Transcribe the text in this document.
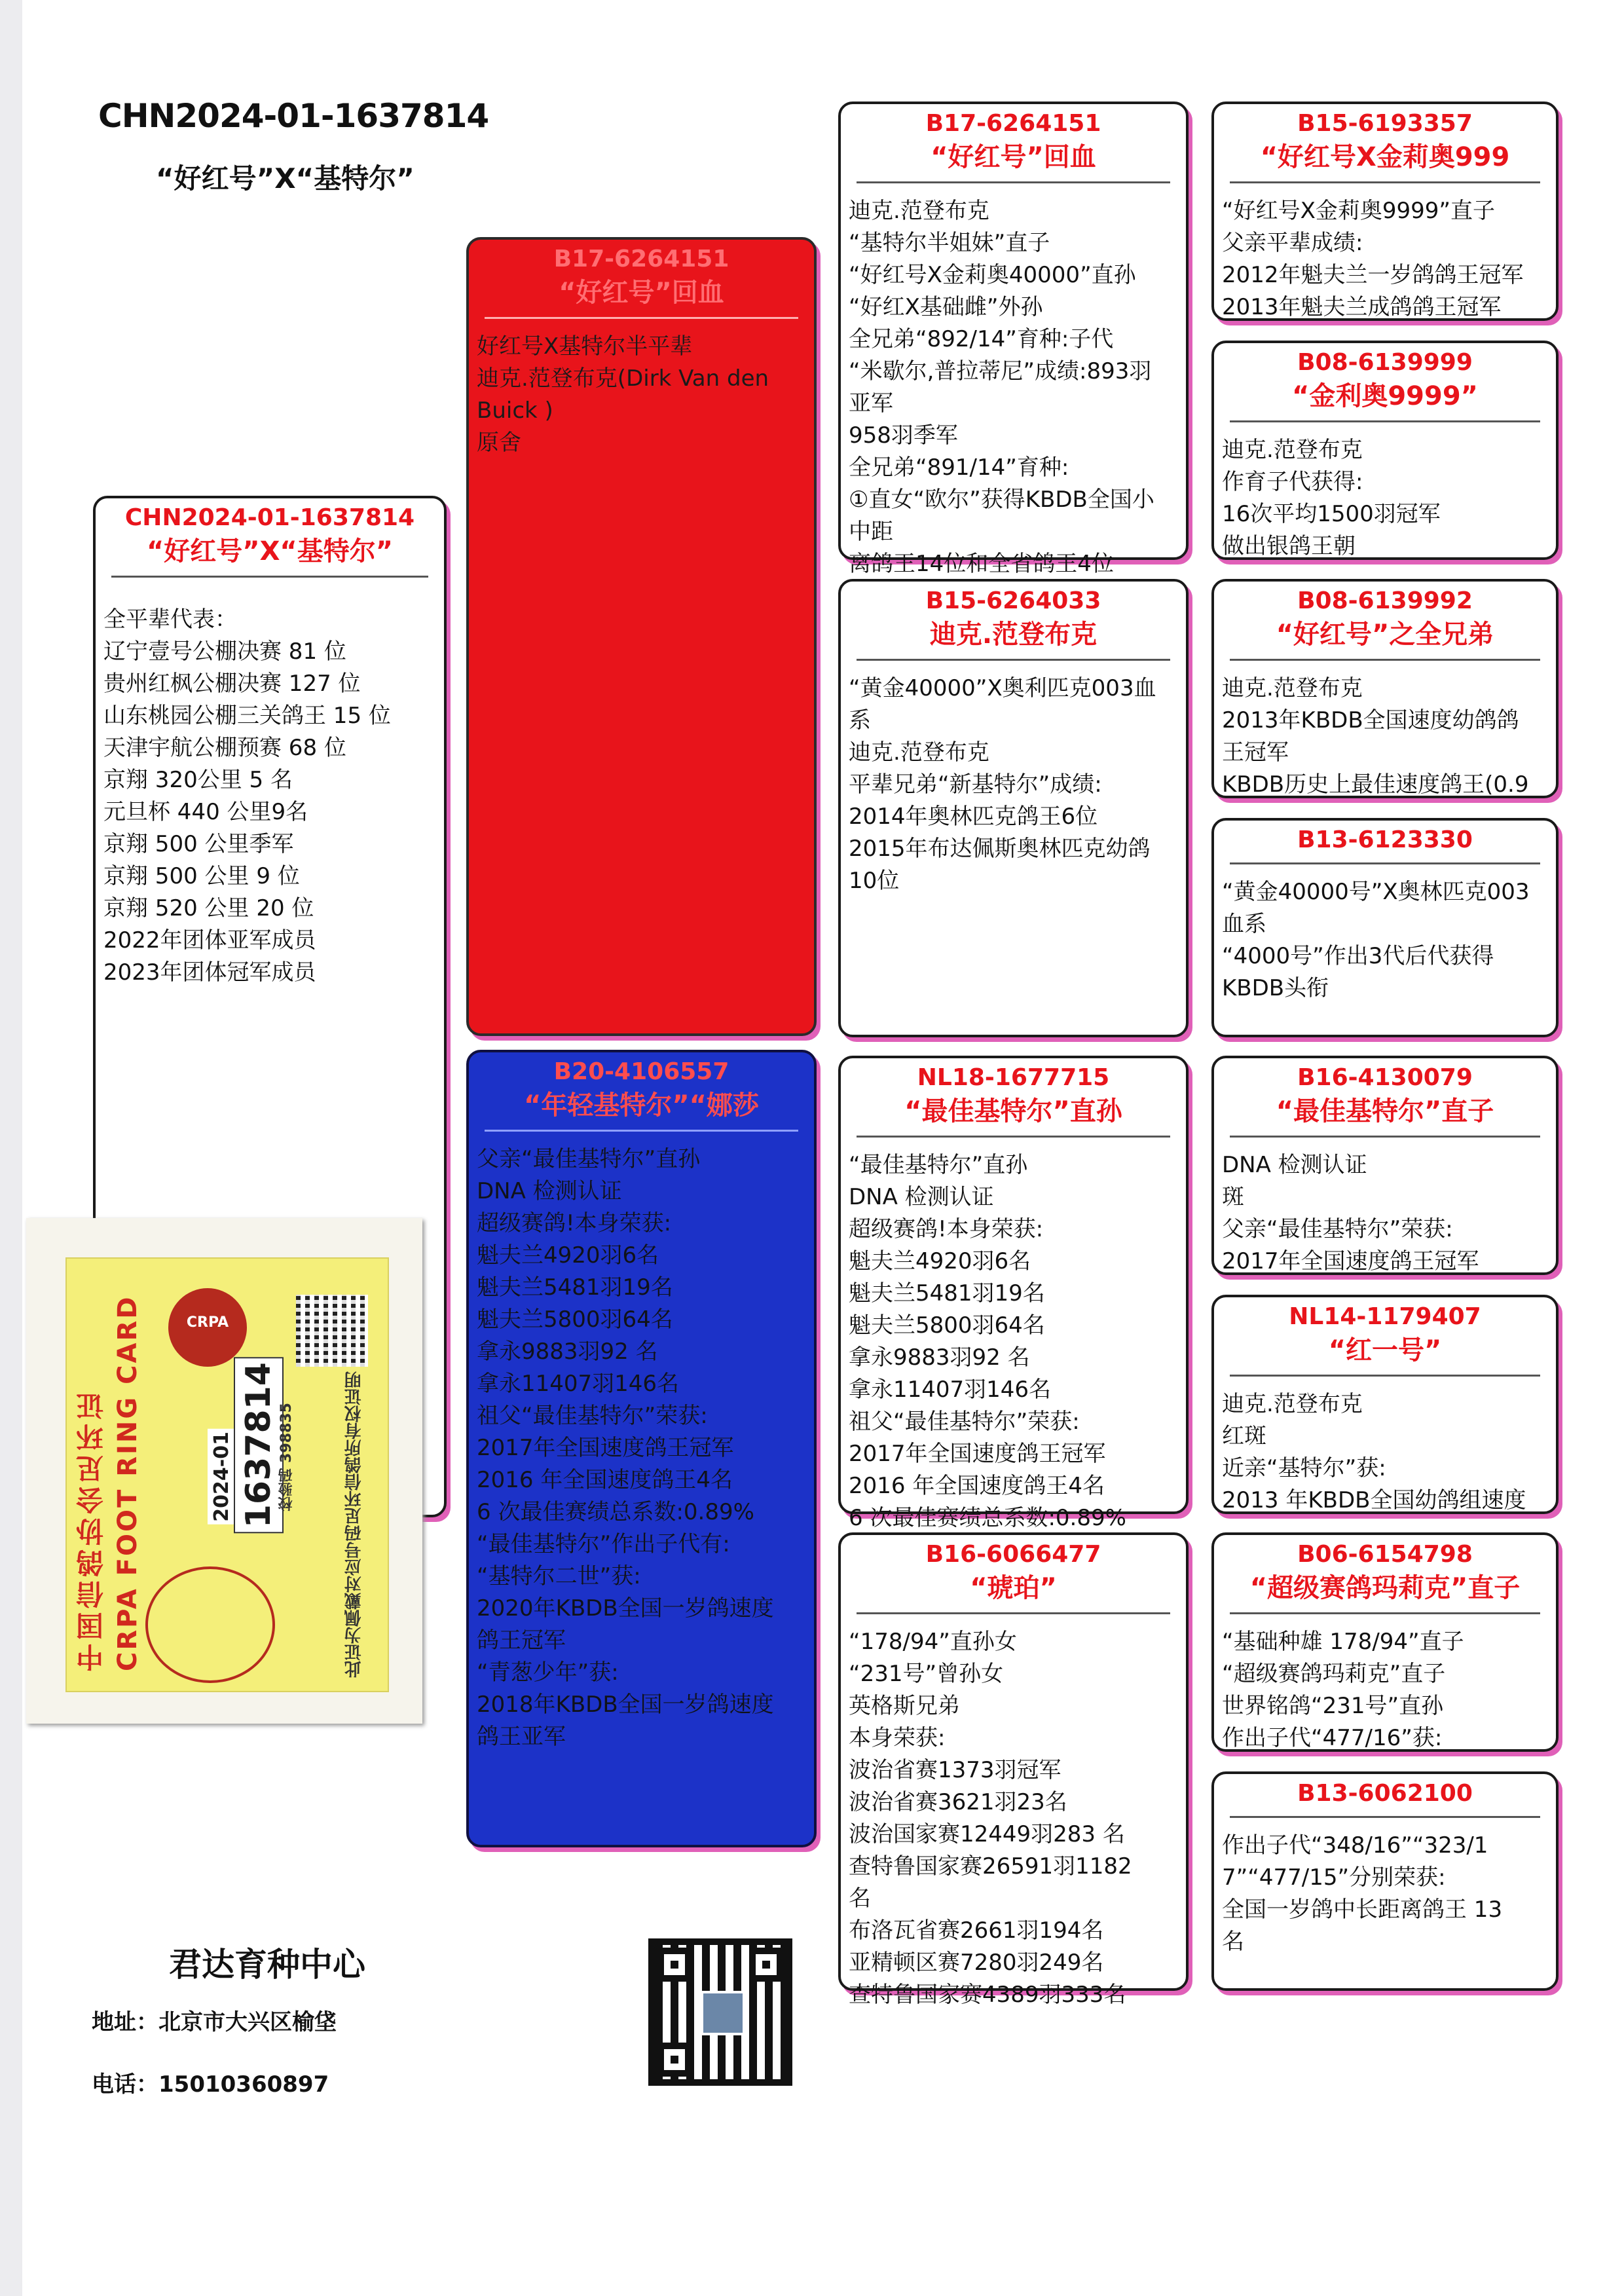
CHN2024-01-1637814
“好红号”X“基特尔”
CHN2024-01-1637814
“好红号”X“基特尔”
全平辈代表：
辽宁壹号公棚决赛 81 位
贵州红枫公棚决赛 127 位
山东桃园公棚三关鸽王 15 位
天津宇航公棚预赛 68 位
京翔 320公里 5 名
元旦杯 440 公里9名
京翔 500 公里季军
京翔 500 公里 9 位
京翔 520 公里 20 位
2022年团体亚军成员
2023年团体冠军成员
B17-6264151
“好红号”回血
好红号X基特尔半平辈
迪克.范登布克(Dirk Van den
Buick )
原舍
B20-4106557
“年轻基特尔”“娜莎
父亲“最佳基特尔”直孙
DNA 检测认证
超级赛鸽!本身荣获:
魁夫兰4920羽6名
魁夫兰5481羽19名
魁夫兰5800羽64名
拿永9883羽92 名
拿永11407羽146名
祖父“最佳基特尔”荣获:
2017年全国速度鸽王冠军
2016 年全国速度鸽王4名
6 次最佳赛绩总系数:0.89%
“最佳基特尔”作出子代有:
“基特尔二世”获:
2020年KBDB全国一岁鸽速度
鸽王冠军
“青葱少年”获:
2018年KBDB全国一岁鸽速度
鸽王亚军
B17-6264151
“好红号”回血
迪克.范登布克
“基特尔半姐妹”直子
“好红号X金莉奥40000”直孙
“好红X基础雌”外孙
全兄弟“892/14”育种:子代
“米歇尔,普拉蒂尼”成绩:893羽
亚军
958羽季军
全兄弟“891/14”育种:
①直女“欧尔”获得KBDB全国小
中距
离鸽王14位和全省鸽王4位
B15-6264033
迪克.范登布克
“黄金40000”X奥利匹克003血
系
迪克.范登布克
平辈兄弟“新基特尔”成绩:
2014年奥林匹克鸽王6位
2015年布达佩斯奥林匹克幼鸽
10位
NL18-1677715
“最佳基特尔”直孙
“最佳基特尔”直孙
DNA 检测认证
超级赛鸽!本身荣获:
魁夫兰4920羽6名
魁夫兰5481羽19名
魁夫兰5800羽64名
拿永9883羽92 名
拿永11407羽146名
祖父“最佳基特尔”荣获:
2017年全国速度鸽王冠军
2016 年全国速度鸽王4名
6 次最佳赛绩总系数:0.89%
B16-6066477
“琥珀”
“178/94”直孙女
“231号”曾孙女
英格斯兄弟
本身荣获:
波治省赛1373羽冠军
波治省赛3621羽23名
波治国家赛12449羽283 名
查特鲁国家赛26591羽1182
名
布洛瓦省赛2661羽194名
亚精顿区赛7280羽249名
查特鲁国家赛4389羽333名
B15-6193357
“好红号X金莉奥999
“好红号X金莉奥9999”直子
父亲平辈成绩:
2012年魁夫兰一岁鸽鸽王冠军
2013年魁夫兰成鸽鸽王冠军
B08-6139999
“金利奥9999”
迪克.范登布克
作育子代获得:
16次平均1500羽冠军
做出银鸽王朝
B08-6139992
“好红号”之全兄弟
迪克.范登布克
2013年KBDB全国速度幼鸽鸽
王冠军
KBDB历史上最佳速度鸽王(0.9
B13-6123330
“黄金40000号”X奥林匹克003
血系
“4000号”作出3代后代获得
KBDB头衔
B16-4130079
“最佳基特尔”直子
DNA 检测认证
斑
父亲“最佳基特尔”荣获:
2017年全国速度鸽王冠军
NL14-1179407
“红一号”
迪克.范登布克
红斑
近亲“基特尔”获:
2013 年KBDB全国幼鸽组速度
B06-6154798
“超级赛鸽玛莉克”直子
“基础种雄 178/94”直子
“超级赛鸽玛莉克”直子
世界铭鸽“231号”直孙
作出子代“477/16”获:
B13-6062100
作出子代“348/16”“323/1
7”“477/15”分别荣获:
全国一岁鸽中长距离鸽王 13
名
中国信鸽协会足环证 CRPA FOOT RING CARD	CRPA
2024-01 1637814 校验码 398835	此证为佩戴对应号码足环信鸽所有权证明
君达育种中心
地址：北京市大兴区榆垡
电话：15010360897
